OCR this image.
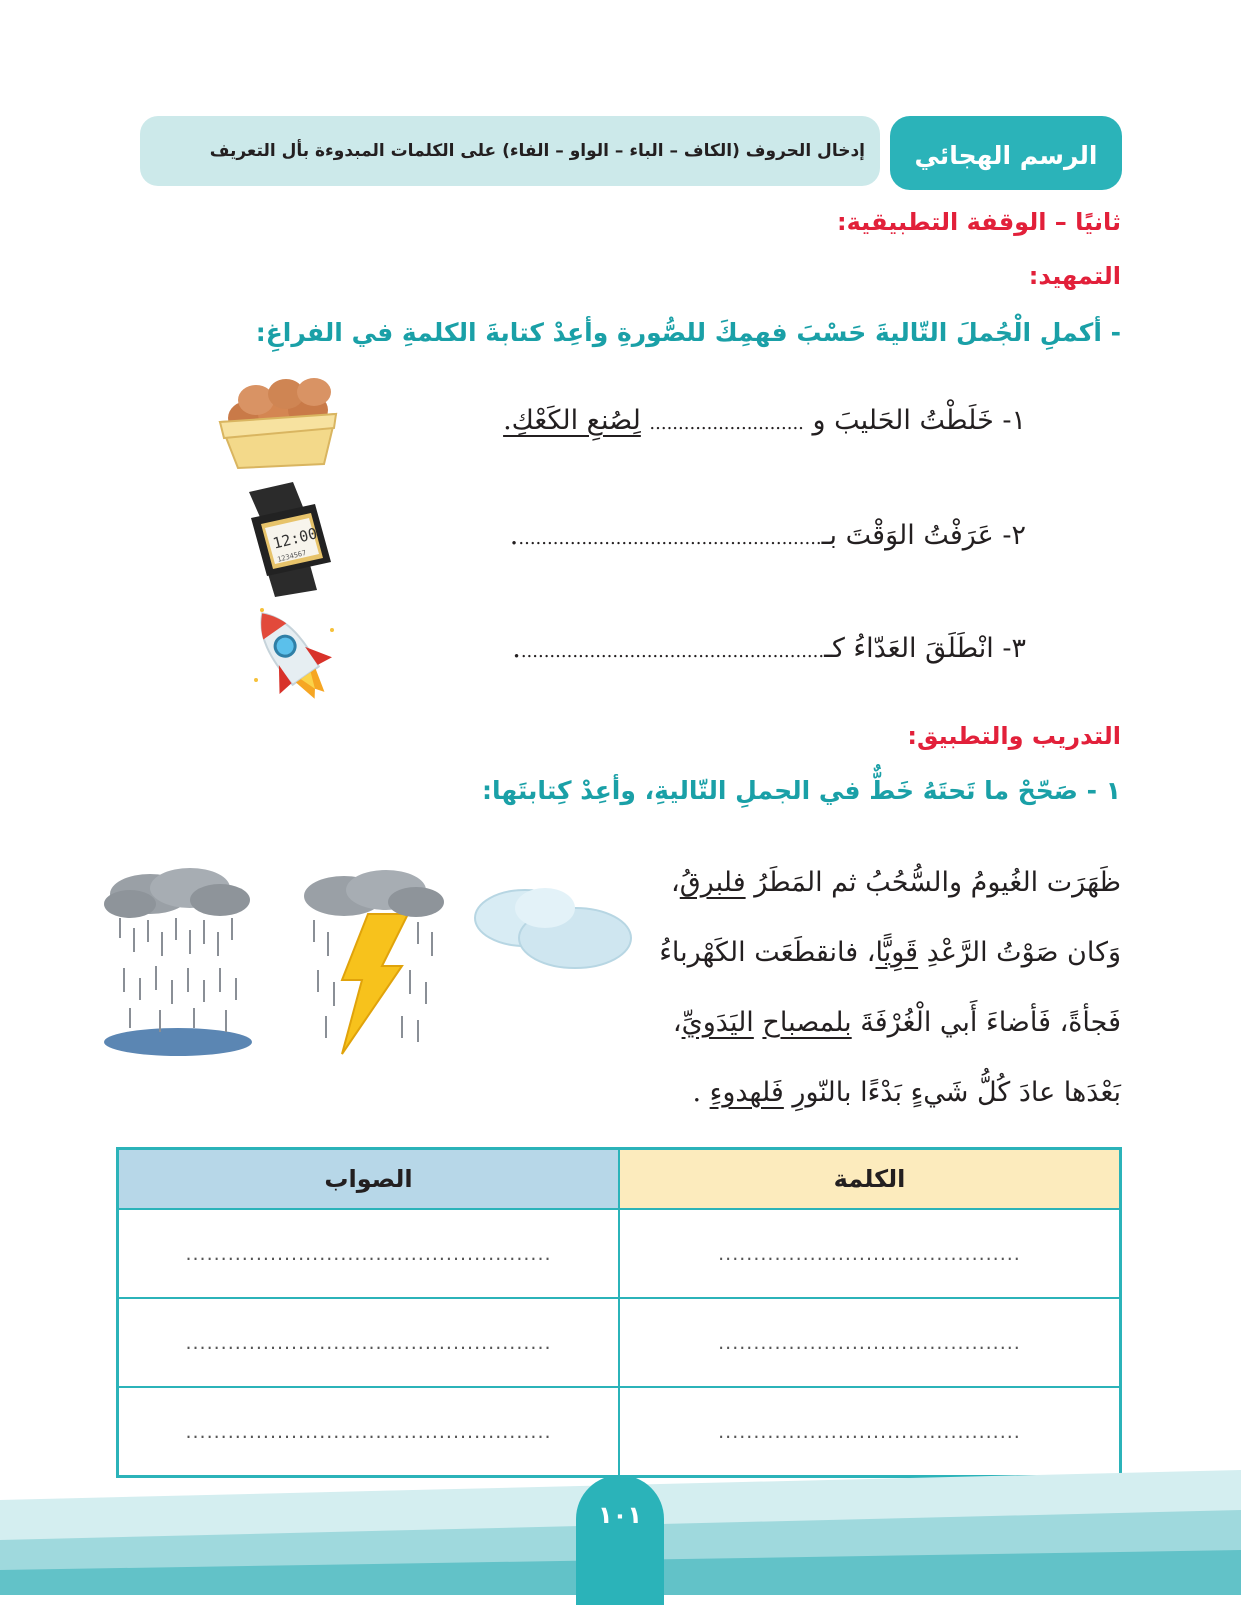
إدخال الحروف (الكاف – الباء – الواو – الفاء) على الكلمات المبدوءة بأل التعريف	الرسم الهجائي
ثانيًا – الوقفة التطبيقية:
التمهيد:
- أكملِ الْجُملَ التّاليةَ حَسْبَ فهمِكَ للصُّورةِ وأعِدْ كتابةَ الكلمةِ في الفراغِ:
١- خَلَطْتُ الحَليبَ و ........................... لِصُنعِ الكَعْكِ.
٢- عَرَفْتُ الوَقْتَ بـ......................................................
٣- انْطَلَقَ العَدّاءُ كـ......................................................
12:00
1234567
التدريب والتطبيق:
١ - صَحّحْ ما تَحتَهُ خَطٌّ في الجملِ التّاليةِ، وأعِدْ كِتابتَها:
ظَهَرَت الغُيومُ والسُّحُبُ ثم المَطَرُ فلبرقُ،
وَكان صَوْتُ الرَّعْدِ قَوِيًّا، فانقطَعَت الكَهْرباءُ
فَجأةً، فَأضاءَ أَبي الْغُرْفَةَ بلمصباح اليَدَويِّ،
بَعْدَها عادَ كُلُّ شَيءٍ بَدْءًا بالنّورِ فَلهدوءِ .
الصواب	الكلمة
....................................................	...........................................
....................................................	...........................................
....................................................	...........................................
١٠١
